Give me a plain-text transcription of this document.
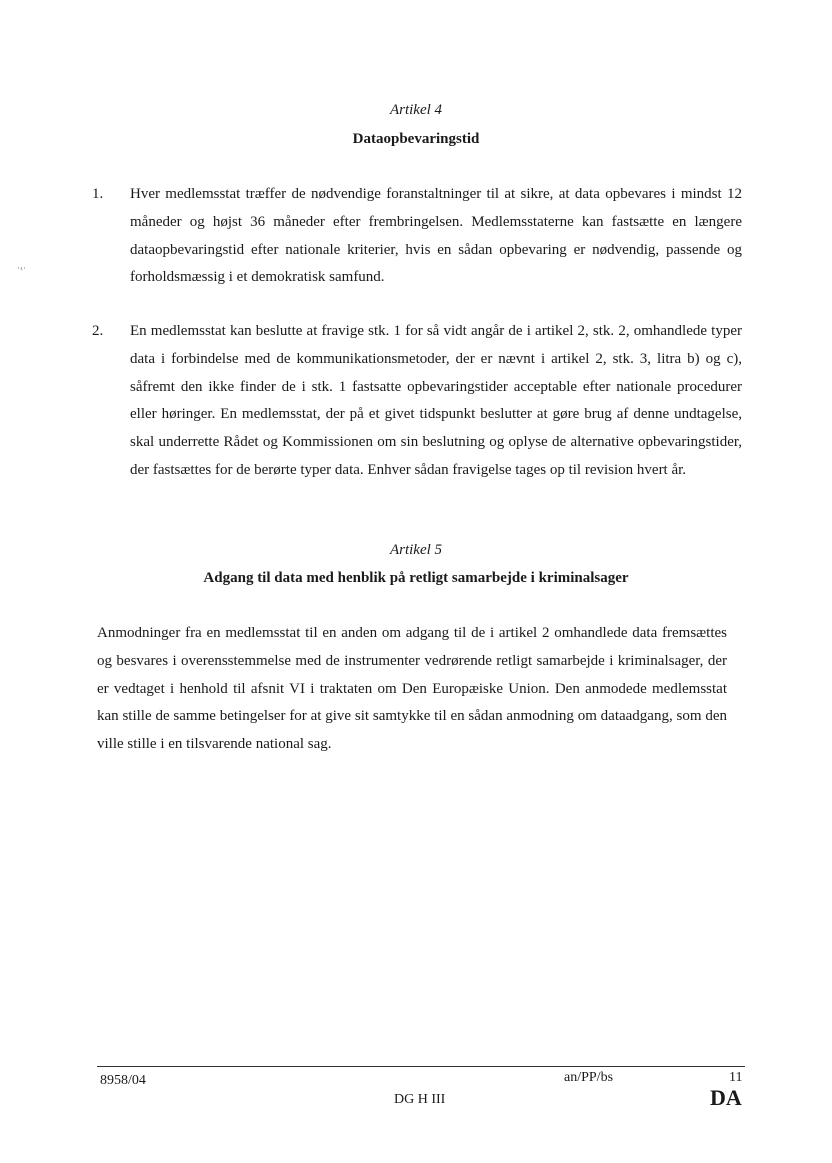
·‹·

Artikel 4

Dataopbevaringstid

1. Hver medlemsstat træffer de nødvendige foranstaltninger til at sikre, at data opbevares i mindst 12 måneder og højst 36 måneder efter frembringelsen. Medlemsstaterne kan fastsætte en længere dataopbevaringstid efter nationale kriterier, hvis en sådan opbevaring er nødvendig, passende og forholdsmæssig i et demokratisk samfund.

2. En medlemsstat kan beslutte at fravige stk. 1 for så vidt angår de i artikel 2, stk. 2, omhandlede typer data i forbindelse med de kommunikationsmetoder, der er nævnt i artikel 2, stk. 3, litra b) og c), såfremt den ikke finder de i stk. 1 fastsatte opbevaringstider acceptable efter nationale procedurer eller høringer. En medlemsstat, der på et givet tidspunkt beslutter at gøre brug af denne undtagelse, skal underrette Rådet og Kommissionen om sin beslutning og oplyse de alternative opbevaringstider, der fastsættes for de berørte typer data. Enhver sådan fravigelse tages op til revision hvert år.

Artikel 5

Adgang til data med henblik på retligt samarbejde i kriminalsager

Anmodninger fra en medlemsstat til en anden om adgang til de i artikel 2 omhandlede data fremsættes og besvares i overensstemmelse med de instrumenter vedrørende retligt samarbejde i kriminalsager, der er vedtaget i henhold til afsnit VI i traktaten om Den Europæiske Union. Den anmodede medlemsstat kan stille de samme betingelser for at give sit samtykke til en sådan anmodning om dataadgang, som den ville stille i en tilsvarende national sag.

8958/04	an/PP/bs	11

DG H III	DA
